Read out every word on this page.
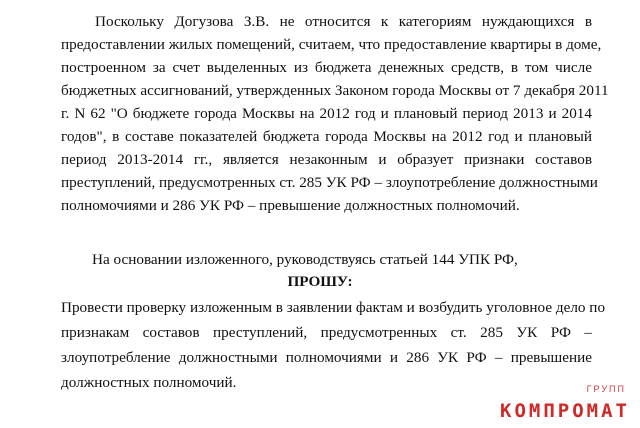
Поскольку Догузова З.В. не относится к категориям нуждающихся в
предоставлении жилых помещений, считаем, что предоставление квартиры в доме,
построенном за счет выделенных из бюджета денежных средств, в том числе
бюджетных ассигнований, утвержденных Законом города Москвы от 7 декабря 2011
г. N 62 "О бюджете города Москвы на 2012 год и плановый период 2013 и 2014
годов", в составе показателей бюджета города Москвы на 2012 год и плановый
период 2013-2014 гг., является незаконным и образует признаки составов
преступлений, предусмотренных ст. 285 УК РФ – злоупотребление должностными
полномочиями и 286 УК РФ – превышение должностных полномочий.
На основании изложенного, руководствуясь статьей 144 УПК РФ,
ПРОШУ:
Провести проверку изложенным в заявлении фактам и возбудить уголовное дело по
признакам составов преступлений, предусмотренных ст. 285 УК РФ –
злоупотребление должностными полномочиями и 286 УК РФ – превышение
должностных полномочий.	ГРУПП
КОМПРОМАТ
